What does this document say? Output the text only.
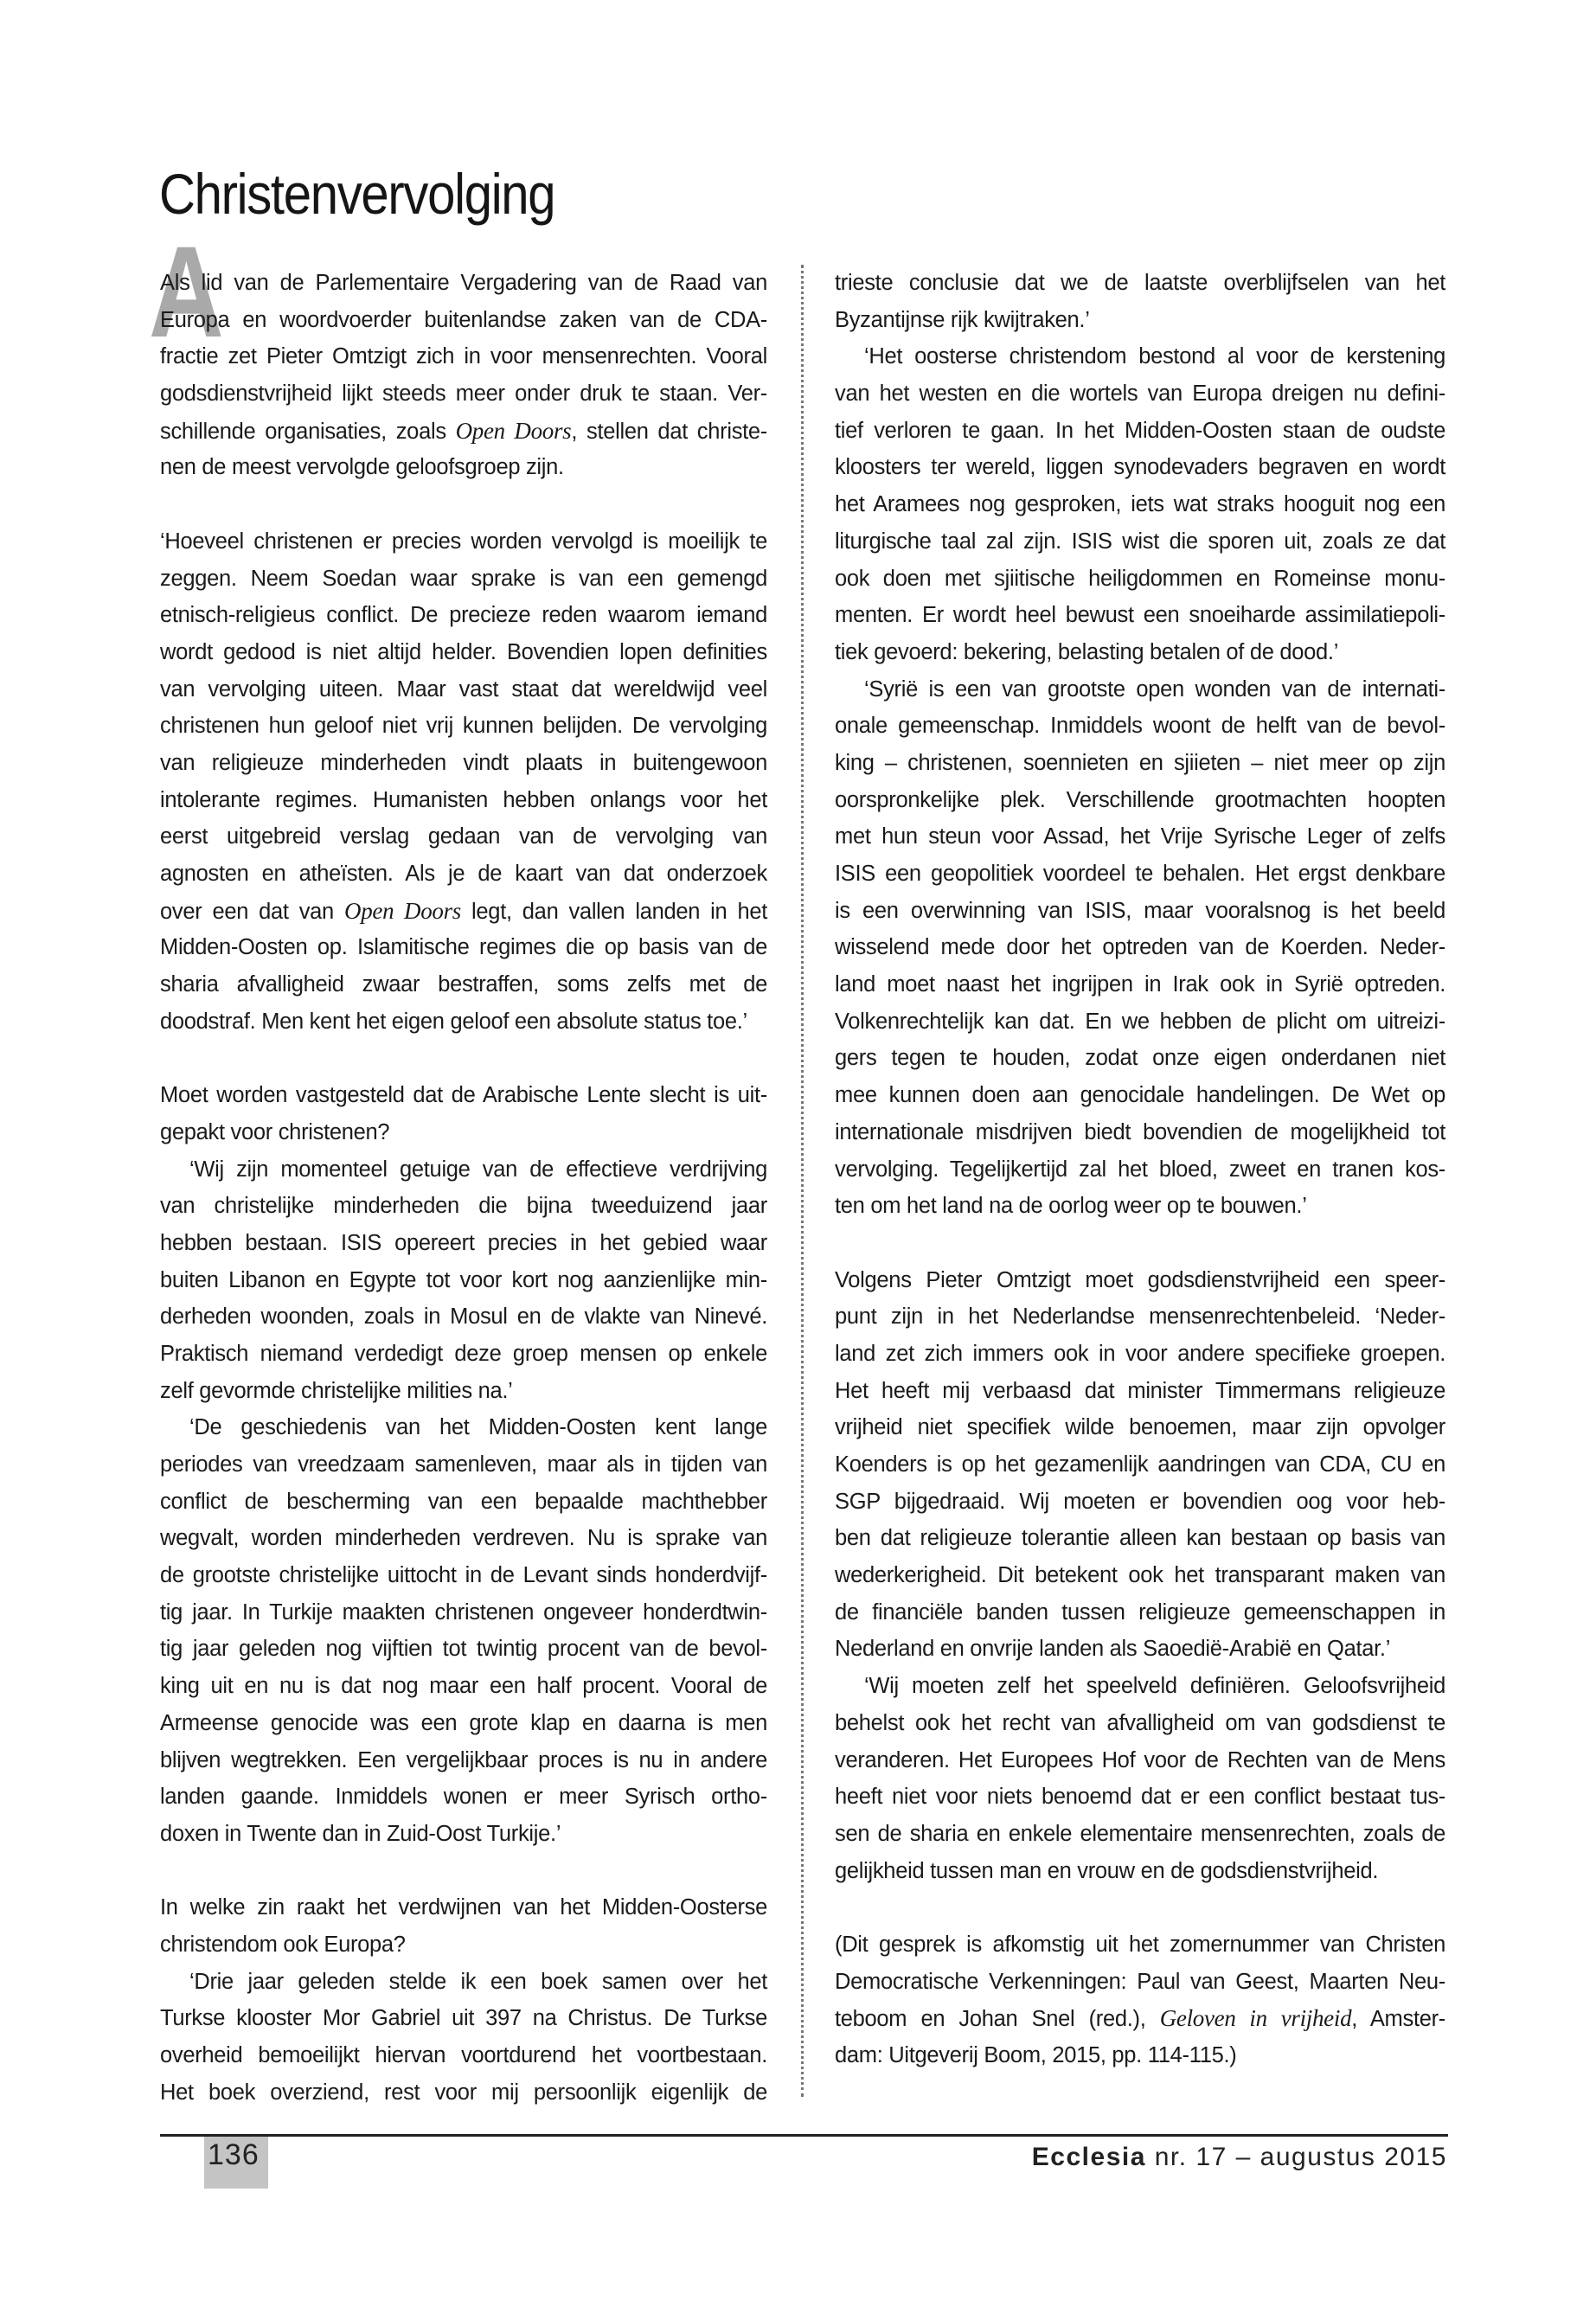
Christenvervolging
A
Als lid van de Parlementaire Vergadering van de Raad van
Europa en woordvoerder buitenlandse zaken van de CDA-
fractie zet Pieter Omtzigt zich in voor mensenrechten. Vooral
godsdienstvrijheid lijkt steeds meer onder druk te staan. Ver-
schillende organisaties, zoals Open Doors, stellen dat christe-
nen de meest vervolgde geloofsgroep zijn.
‘Hoeveel christenen er precies worden vervolgd is moeilijk te
zeggen. Neem Soedan waar sprake is van een gemengd
etnisch-religieus conflict. De precieze reden waarom iemand
wordt gedood is niet altijd helder. Bovendien lopen definities
van vervolging uiteen. Maar vast staat dat wereldwijd veel
christenen hun geloof niet vrij kunnen belijden. De vervolging
van religieuze minderheden vindt plaats in buitengewoon
intolerante regimes. Humanisten hebben onlangs voor het
eerst uitgebreid verslag gedaan van de vervolging van
agnosten en atheïsten. Als je de kaart van dat onderzoek
over een dat van Open Doors legt, dan vallen landen in het
Midden-Oosten op. Islamitische regimes die op basis van de
sharia afvalligheid zwaar bestraffen, soms zelfs met de
doodstraf. Men kent het eigen geloof een absolute status toe.’
Moet worden vastgesteld dat de Arabische Lente slecht is uit-
gepakt voor christenen?
‘Wij zijn momenteel getuige van de effectieve verdrijving
van christelijke minderheden die bijna tweeduizend jaar
hebben bestaan. ISIS opereert precies in het gebied waar
buiten Libanon en Egypte tot voor kort nog aanzienlijke min-
derheden woonden, zoals in Mosul en de vlakte van Ninevé.
Praktisch niemand verdedigt deze groep mensen op enkele
zelf gevormde christelijke milities na.’
‘De geschiedenis van het Midden-Oosten kent lange
periodes van vreedzaam samenleven, maar als in tijden van
conflict de bescherming van een bepaalde machthebber
wegvalt, worden minderheden verdreven. Nu is sprake van
de grootste christelijke uittocht in de Levant sinds honderdvijf-
tig jaar. In Turkije maakten christenen ongeveer honderdtwin-
tig jaar geleden nog vijftien tot twintig procent van de bevol-
king uit en nu is dat nog maar een half procent. Vooral de
Armeense genocide was een grote klap en daarna is men
blijven wegtrekken. Een vergelijkbaar proces is nu in andere
landen gaande. Inmiddels wonen er meer Syrisch ortho-
doxen in Twente dan in Zuid-Oost Turkije.’
In welke zin raakt het verdwijnen van het Midden-Oosterse
christendom ook Europa?
‘Drie jaar geleden stelde ik een boek samen over het
Turkse klooster Mor Gabriel uit 397 na Christus. De Turkse
overheid bemoeilijkt hiervan voortdurend het voortbestaan.
Het boek overziend, rest voor mij persoonlijk eigenlijk de
trieste conclusie dat we de laatste overblijfselen van het
Byzantijnse rijk kwijtraken.’
‘Het oosterse christendom bestond al voor de kerstening
van het westen en die wortels van Europa dreigen nu defini-
tief verloren te gaan. In het Midden-Oosten staan de oudste
kloosters ter wereld, liggen synodevaders begraven en wordt
het Aramees nog gesproken, iets wat straks hooguit nog een
liturgische taal zal zijn. ISIS wist die sporen uit, zoals ze dat
ook doen met sjiitische heiligdommen en Romeinse monu-
menten. Er wordt heel bewust een snoeiharde assimilatiepoli-
tiek gevoerd: bekering, belasting betalen of de dood.’
‘Syrië is een van grootste open wonden van de internati-
onale gemeenschap. Inmiddels woont de helft van de bevol-
king – christenen, soennieten en sjiieten – niet meer op zijn
oorspronkelijke plek. Verschillende grootmachten hoopten
met hun steun voor Assad, het Vrije Syrische Leger of zelfs
ISIS een geopolitiek voordeel te behalen. Het ergst denkbare
is een overwinning van ISIS, maar vooralsnog is het beeld
wisselend mede door het optreden van de Koerden. Neder-
land moet naast het ingrijpen in Irak ook in Syrië optreden.
Volkenrechtelijk kan dat. En we hebben de plicht om uitreizi-
gers tegen te houden, zodat onze eigen onderdanen niet
mee kunnen doen aan genocidale handelingen. De Wet op
internationale misdrijven biedt bovendien de mogelijkheid tot
vervolging. Tegelijkertijd zal het bloed, zweet en tranen kos-
ten om het land na de oorlog weer op te bouwen.’
Volgens Pieter Omtzigt moet godsdienstvrijheid een speer-
punt zijn in het Nederlandse mensenrechtenbeleid. ‘Neder-
land zet zich immers ook in voor andere specifieke groepen.
Het heeft mij verbaasd dat minister Timmermans religieuze
vrijheid niet specifiek wilde benoemen, maar zijn opvolger
Koenders is op het gezamenlijk aandringen van CDA, CU en
SGP bijgedraaid. Wij moeten er bovendien oog voor heb-
ben dat religieuze tolerantie alleen kan bestaan op basis van
wederkerigheid. Dit betekent ook het transparant maken van
de financiële banden tussen religieuze gemeenschappen in
Nederland en onvrije landen als Saoedië-Arabië en Qatar.’
‘Wij moeten zelf het speelveld definiëren. Geloofsvrijheid
behelst ook het recht van afvalligheid om van godsdienst te
veranderen. Het Europees Hof voor de Rechten van de Mens
heeft niet voor niets benoemd dat er een conflict bestaat tus-
sen de sharia en enkele elementaire mensenrechten, zoals de
gelijkheid tussen man en vrouw en de godsdienstvrijheid.
(Dit gesprek is afkomstig uit het zomernummer van Christen
Democratische Verkenningen: Paul van Geest, Maarten Neu-
teboom en Johan Snel (red.), Geloven in vrijheid, Amster-
dam: Uitgeverij Boom, 2015, pp. 114-115.)
136	Ecclesia nr. 17 – augustus 2015
